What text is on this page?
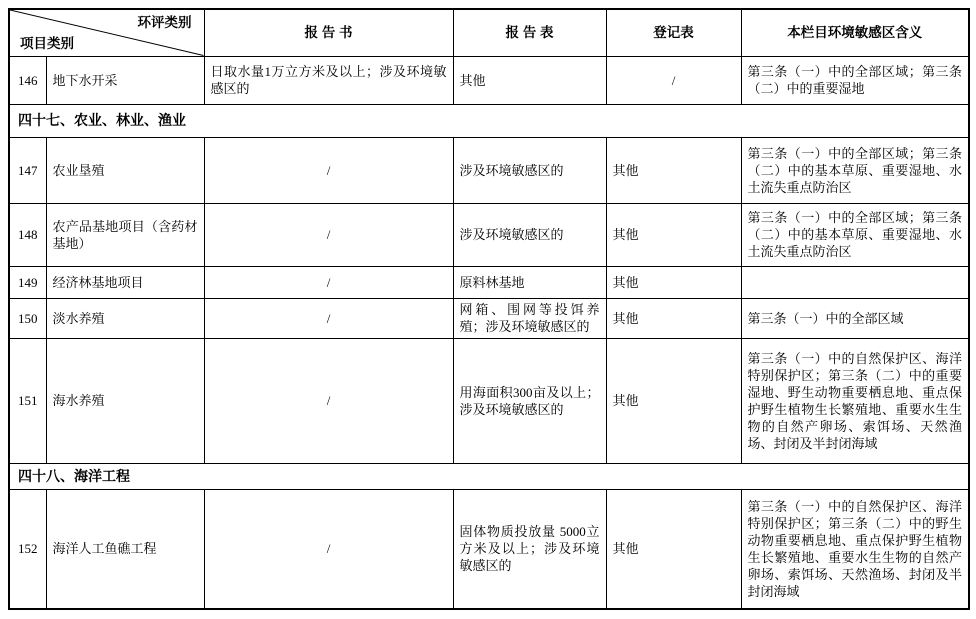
环评类别
项目类别		报 告 书	报 告 表	登记表	本栏目环境敏感区含义
146	地下水开采	日取水量1万立方米及以上；涉及环境敏感区的	其他	/	第三条（一）中的全部区域；第三条（二）中的重要湿地
四十七、农业、林业、渔业					
147	农业垦殖	/	涉及环境敏感区的	其他	第三条（一）中的全部区域；第三条（二）中的基本草原、重要湿地、水土流失重点防治区
148	农产品基地项目（含药材基地）	/	涉及环境敏感区的	其他	第三条（一）中的全部区域；第三条（二）中的基本草原、重要湿地、水土流失重点防治区
149	经济林基地项目	/	原料林基地	其他	
150	淡水养殖	/	网箱、围网等投饵养殖；涉及环境敏感区的	其他	第三条（一）中的全部区域
151	海水养殖	/	用海面积300亩及以上；涉及环境敏感区的	其他	第三条（一）中的自然保护区、海洋特别保护区；第三条（二）中的重要湿地、野生动物重要栖息地、重点保护野生植物生长繁殖地、重要水生生物的自然产卵场、索饵场、天然渔场、封闭及半封闭海域
四十八、海洋工程					
152	海洋人工鱼礁工程	/	固体物质投放量 5000立方米及以上；涉及环境敏感区的	其他	第三条（一）中的自然保护区、海洋特别保护区；第三条（二）中的野生动物重要栖息地、重点保护野生植物生长繁殖地、重要水生生物的自然产卵场、索饵场、天然渔场、封闭及半封闭海域
